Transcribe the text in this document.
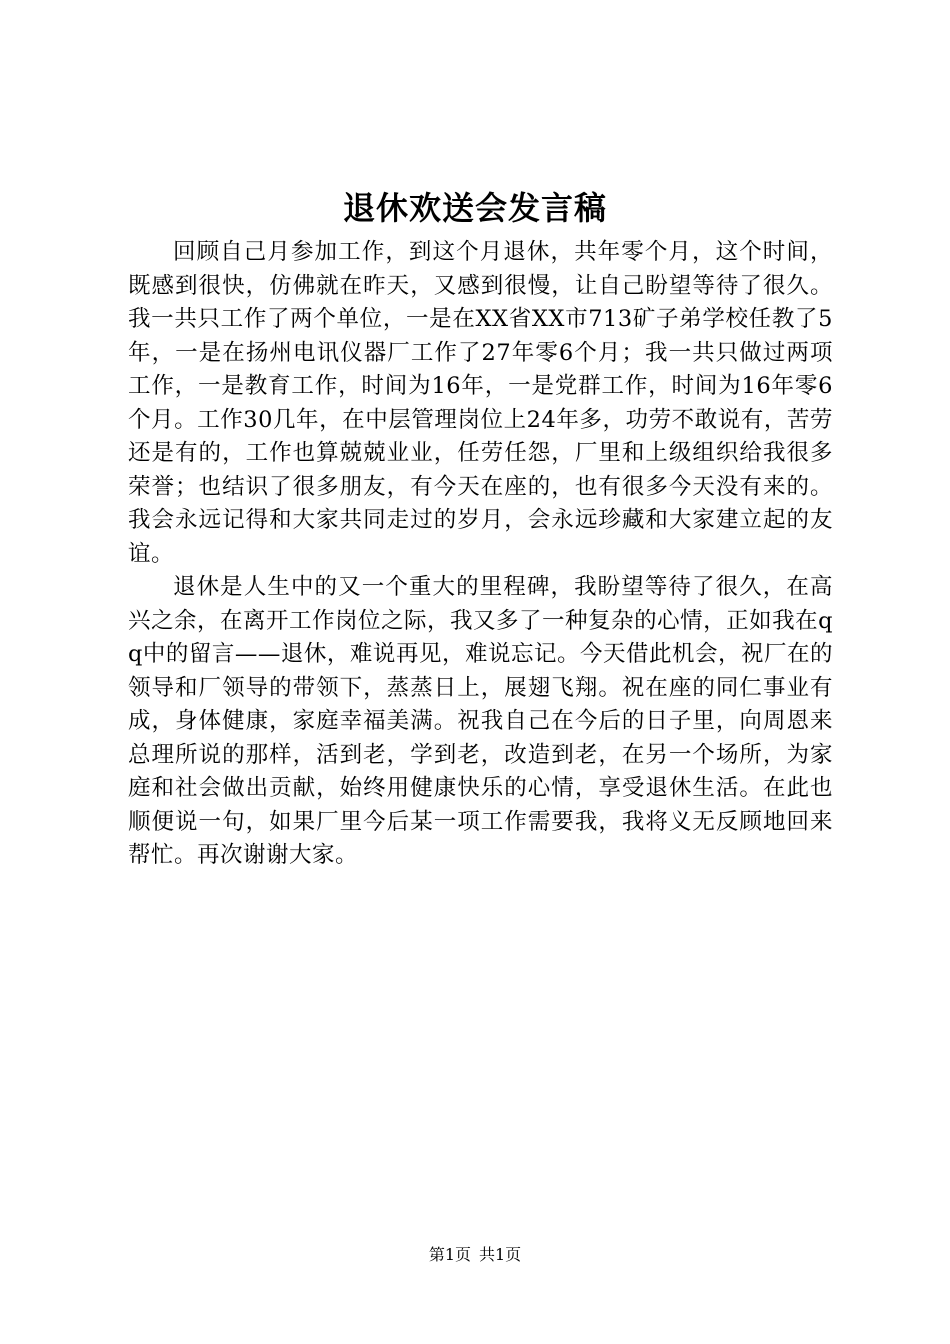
退休欢送会发言稿

回顾自己月参加工作，到这个月退休，共年零个月，这个时间，既感到很快，仿佛就在昨天，又感到很慢，让自己盼望等待了很久。我一共只工作了两个单位，一是在XX省XX市713矿子弟学校任教了5年，一是在扬州电讯仪器厂工作了27年零6个月；我一共只做过两项工作，一是教育工作，时间为16年，一是党群工作，时间为16年零6个月。工作30几年，在中层管理岗位上24年多，功劳不敢说有，苦劳还是有的，工作也算兢兢业业，任劳任怨，厂里和上级组织给我很多荣誉；也结识了很多朋友，有今天在座的，也有很多今天没有来的。我会永远记得和大家共同走过的岁月，会永远珍藏和大家建立起的友谊。

退休是人生中的又一个重大的里程碑，我盼望等待了很久，在高兴之余，在离开工作岗位之际，我又多了一种复杂的心情，正如我在qq中的留言——退休，难说再见，难说忘记。今天借此机会，祝厂在的领导和厂领导的带领下，蒸蒸日上，展翅飞翔。祝在座的同仁事业有成，身体健康，家庭幸福美满。祝我自己在今后的日子里，向周恩来总理所说的那样，活到老，学到老，改造到老，在另一个场所，为家庭和社会做出贡献，始终用健康快乐的心情，享受退休生活。在此也顺便说一句，如果厂里今后某一项工作需要我，我将义无反顾地回来帮忙。再次谢谢大家。

第1页 共1页
